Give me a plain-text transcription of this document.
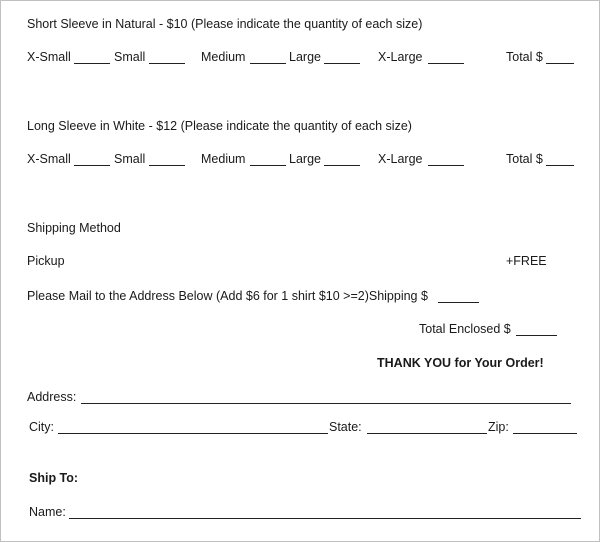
Short Sleeve in Natural - $10 (Please indicate the quantity of each size)
X-Small	Small	Medium	Large	X-Large	Total $
Long Sleeve in White - $12 (Please indicate the quantity of each size)
X-Small	Small	Medium	Large	X-Large	Total $
Shipping Method
Pickup	+FREE
Please Mail to the Address Below (Add $6 for 1 shirt $10 >=2)Shipping $
Total Enclosed $
THANK YOU for Your Order!
Address:
City:	State:	Zip:
Ship To:
Name:
